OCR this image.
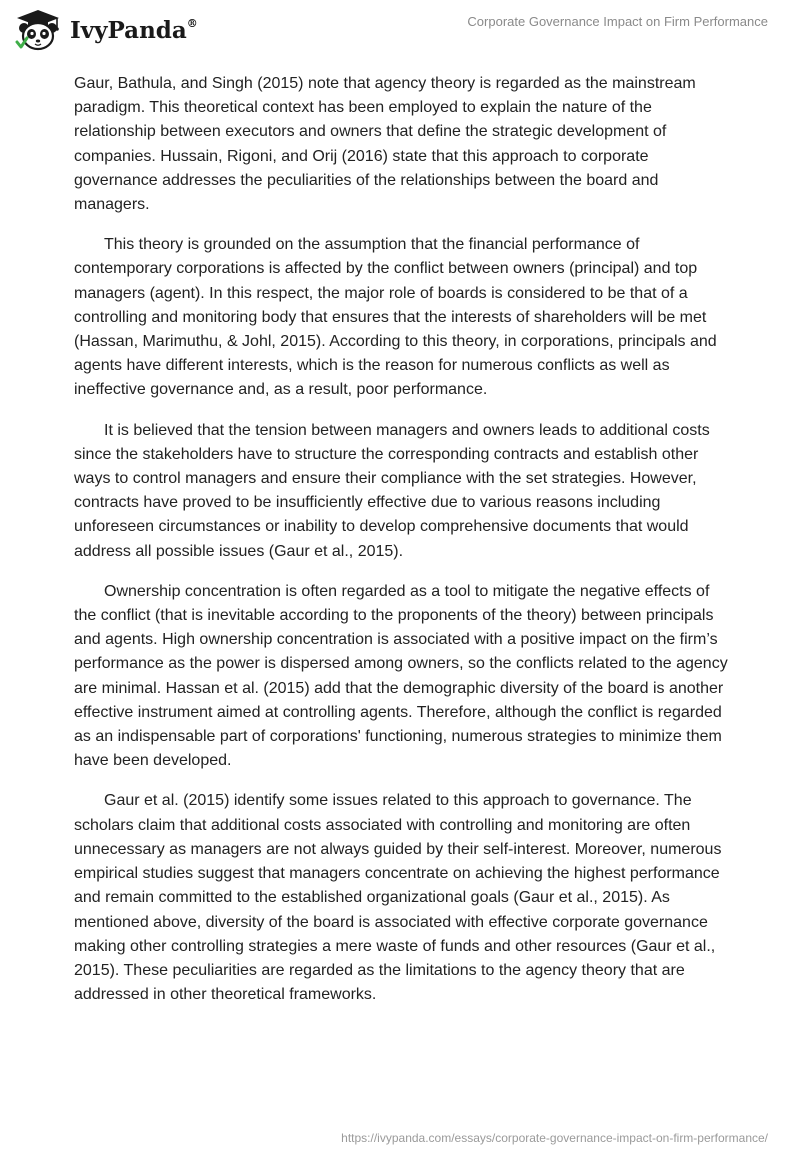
IvyPanda®	Corporate Governance Impact on Firm Performance

Gaur, Bathula, and Singh (2015) note that agency theory is regarded as the mainstream paradigm. This theoretical context has been employed to explain the nature of the relationship between executors and owners that define the strategic development of companies. Hussain, Rigoni, and Orij (2016) state that this approach to corporate governance addresses the peculiarities of the relationships between the board and managers.

This theory is grounded on the assumption that the financial performance of contemporary corporations is affected by the conflict between owners (principal) and top managers (agent). In this respect, the major role of boards is considered to be that of a controlling and monitoring body that ensures that the interests of shareholders will be met (Hassan, Marimuthu, & Johl, 2015). According to this theory, in corporations, principals and agents have different interests, which is the reason for numerous conflicts as well as ineffective governance and, as a result, poor performance.

It is believed that the tension between managers and owners leads to additional costs since the stakeholders have to structure the corresponding contracts and establish other ways to control managers and ensure their compliance with the set strategies. However, contracts have proved to be insufficiently effective due to various reasons including unforeseen circumstances or inability to develop comprehensive documents that would address all possible issues (Gaur et al., 2015).

Ownership concentration is often regarded as a tool to mitigate the negative effects of the conflict (that is inevitable according to the proponents of the theory) between principals and agents. High ownership concentration is associated with a positive impact on the firm’s performance as the power is dispersed among owners, so the conflicts related to the agency are minimal. Hassan et al. (2015) add that the demographic diversity of the board is another effective instrument aimed at controlling agents. Therefore, although the conflict is regarded as an indispensable part of corporations' functioning, numerous strategies to minimize them have been developed.

Gaur et al. (2015) identify some issues related to this approach to governance. The scholars claim that additional costs associated with controlling and monitoring are often unnecessary as managers are not always guided by their self-interest. Moreover, numerous empirical studies suggest that managers concentrate on achieving the highest performance and remain committed to the established organizational goals (Gaur et al., 2015). As mentioned above, diversity of the board is associated with effective corporate governance making other controlling strategies a mere waste of funds and other resources (Gaur et al., 2015). These peculiarities are regarded as the limitations to the agency theory that are addressed in other theoretical frameworks.

https://ivypanda.com/essays/corporate-governance-impact-on-firm-performance/
